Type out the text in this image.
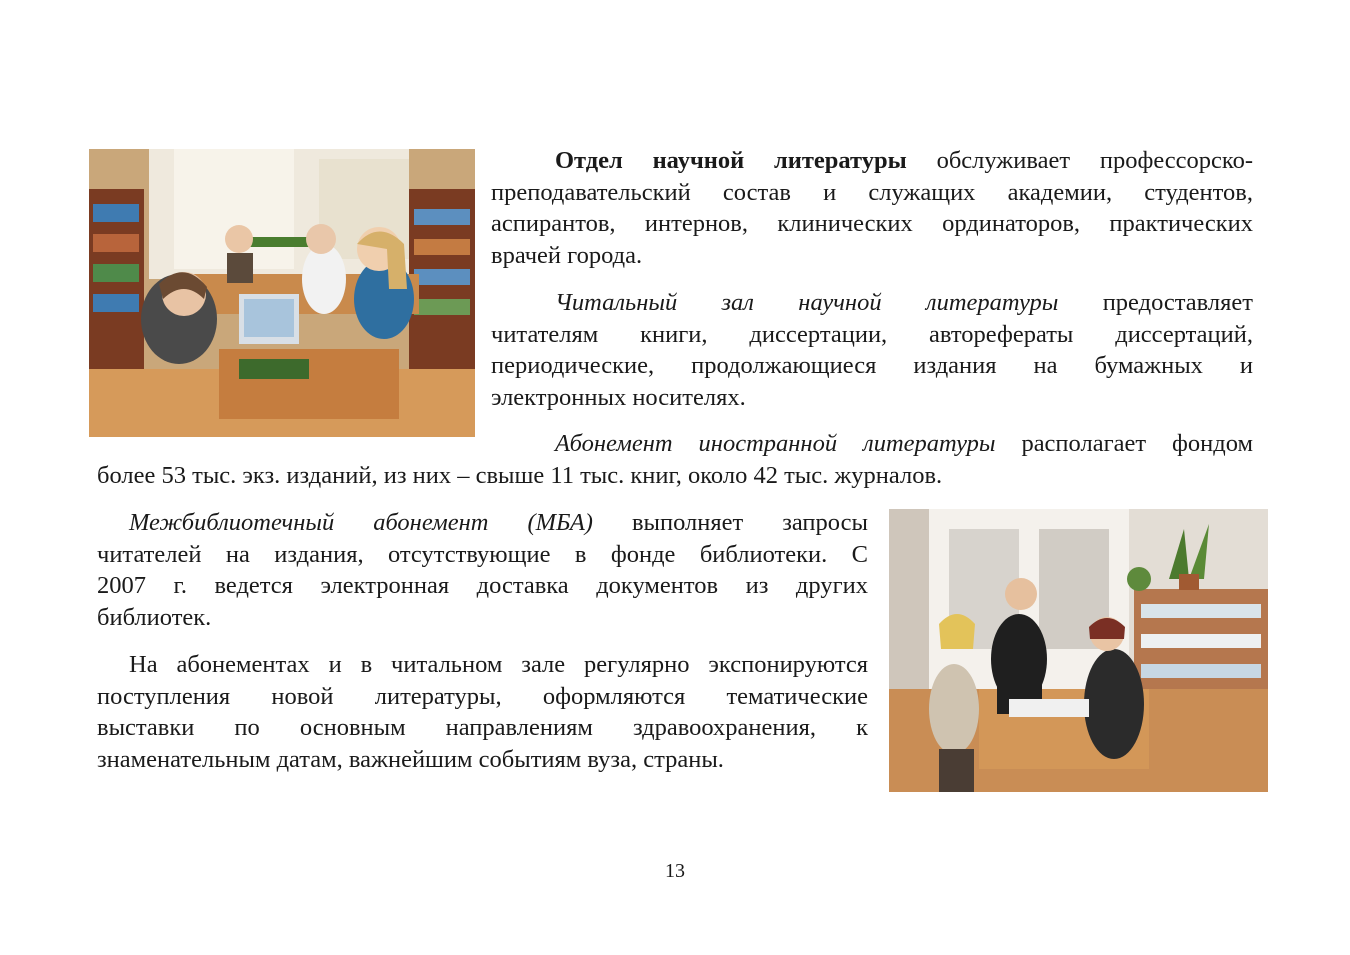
Отдел научной литературы обслуживает профессорско-
преподавательский состав и служащих академии, студентов,
аспирантов, интернов, клинических ординаторов, практических
врачей города.
Читальный зал научной литературы предоставляет
читателям книги, диссертации, авторефераты диссертаций,
периодические, продолжающиеся издания на бумажных и
электронных носителях.
Абонемент иностранной литературы располагает фондом
более 53 тыс. экз. изданий, из них – свыше 11 тыс. книг, около 42 тыс. журналов.
Межбиблиотечный абонемент (МБА) выполняет запросы
читателей на издания, отсутствующие в фонде библиотеки. С
2007 г. ведется электронная доставка документов из других
библиотек.
На абонементах и в читальном зале регулярно экспонируются
поступления новой литературы, оформляются тематические
выставки по основным направлениям здравоохранения, к
знаменательным датам, важнейшим событиям вуза, страны.
13
